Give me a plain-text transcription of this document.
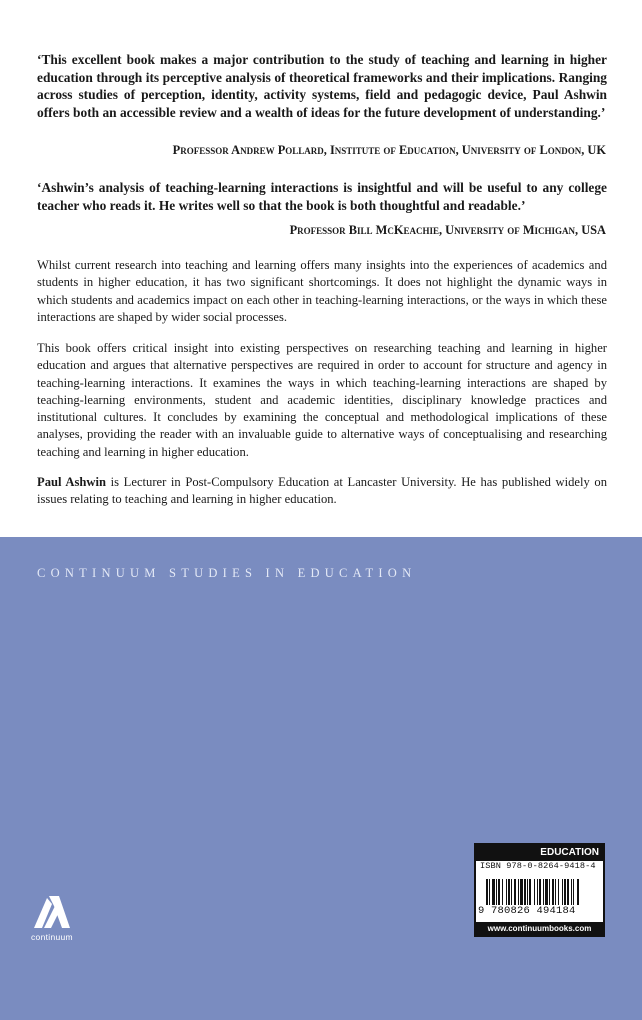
‘This excellent book makes a major contribution to the study of teaching and learning in higher education through its perceptive analysis of theoretical frameworks and their implications. Ranging across studies of perception, identity, activity systems, field and pedagogic device, Paul Ashwin offers both an accessible review and a wealth of ideas for the future development of understanding.’

Professor Andrew Pollard, Institute of Education, University of London, UK

‘Ashwin’s analysis of teaching-learning interactions is insightful and will be useful to any college teacher who reads it. He writes well so that the book is both thoughtful and readable.’

Professor Bill McKeachie, University of Michigan, USA

Whilst current research into teaching and learning offers many insights into the experiences of academics and students in higher education, it has two significant shortcomings. It does not highlight the dynamic ways in which students and academics impact on each other in teaching-learning interactions, or the ways in which these interactions are shaped by wider social processes.

This book offers critical insight into existing perspectives on researching teaching and learning in higher education and argues that alternative perspectives are required in order to account for structure and agency in teaching-learning interactions. It examines the ways in which teaching-learning interactions are shaped by teaching-learning environments, student and academic identities, disciplinary knowledge practices and institutional cultures. It concludes by examining the conceptual and methodological implications of these analyses, providing the reader with an invaluable guide to alternative ways of conceptualising and researching teaching and learning in higher education.

Paul Ashwin is Lecturer in Post-Compulsory Education at Lancaster University. He has published widely on issues relating to teaching and learning in higher education.

CONTINUUM STUDIES IN EDUCATION
continuum
EDUCATION
ISBN 978-0-8264-9418-4
9 780826 494184
www.continuumbooks.com
